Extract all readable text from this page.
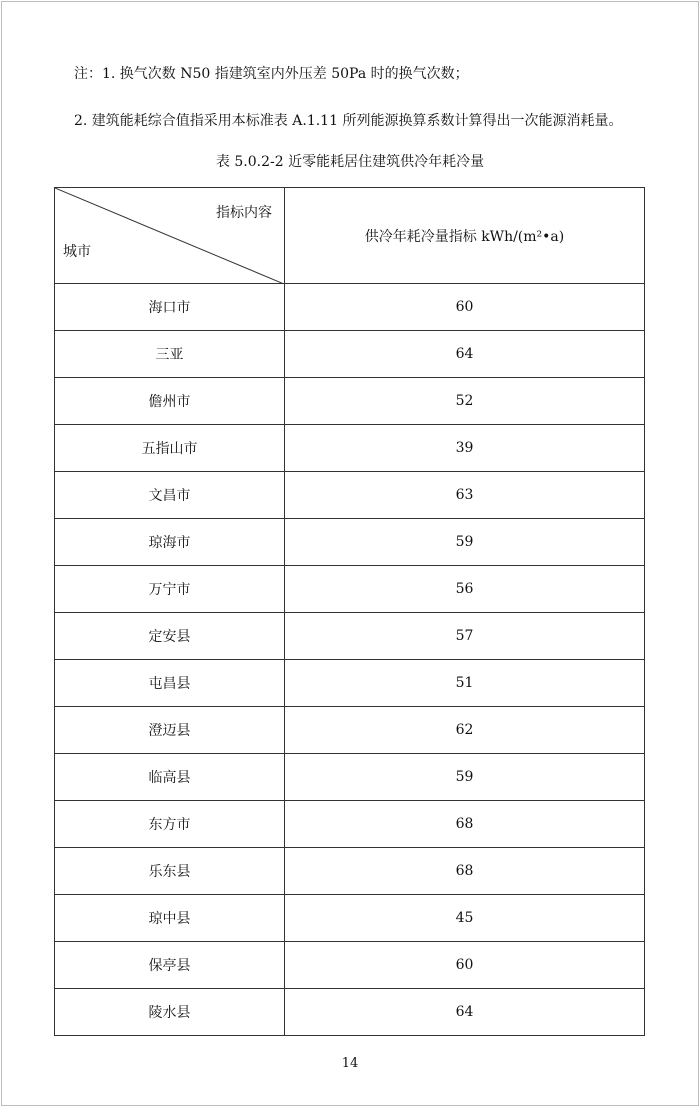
注：1. 换气次数 N50 指建筑室内外压差 50Pa 时的换气次数；
2. 建筑能耗综合值指采用本标准表 A.1.11 所列能源换算系数计算得出一次能源消耗量。
表 5.0.2-2 近零能耗居住建筑供冷年耗冷量
指标内容
城市	供冷年耗冷量指标 kWh/(m²•a)
海口市	60
三亚	64
儋州市	52
五指山市	39
文昌市	63
琼海市	59
万宁市	56
定安县	57
屯昌县	51
澄迈县	62
临高县	59
东方市	68
乐东县	68
琼中县	45
保亭县	60
陵水县	64
14
